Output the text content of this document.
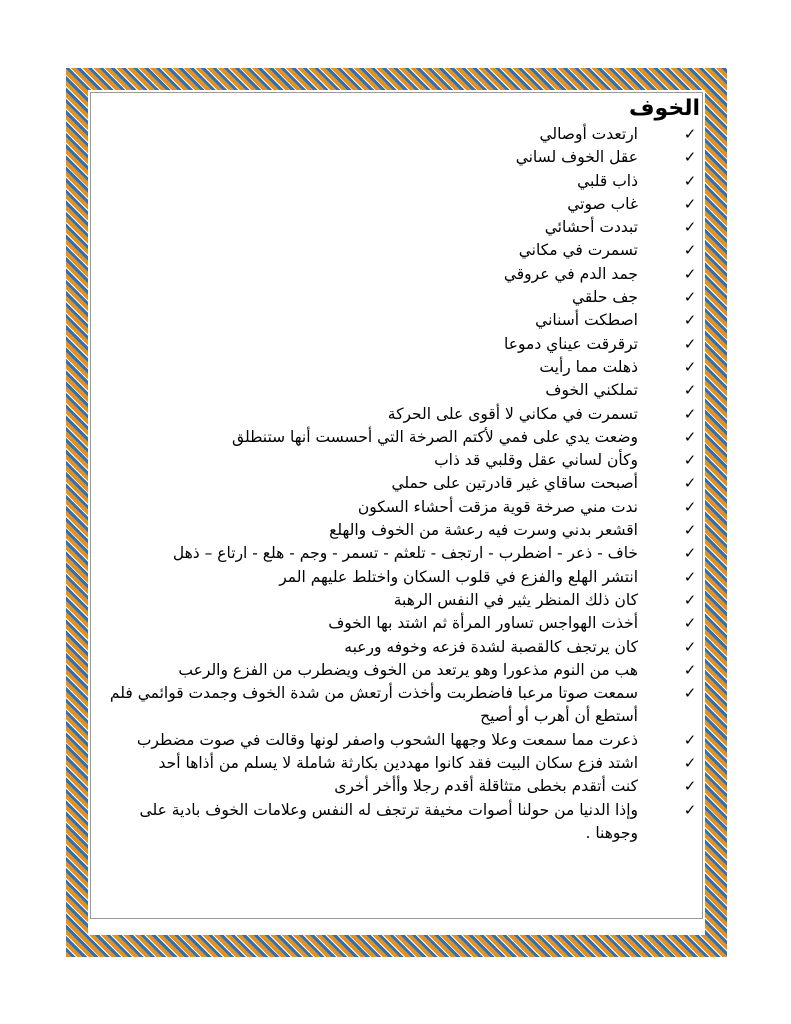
الخوف
✓
ارتعدت أوصالي
✓
عقل الخوف لساني
✓
ذاب قلبي
✓
غاب صوتي
✓
تبددت أحشائي
✓
تسمرت في مكاني
✓
جمد الدم في عروقي
✓
جف حلقي
✓
اصطكت أسناني
✓
ترقرقت عيناي دموعا
✓
ذهلت مما رأيت
✓
تملكني الخوف
✓
تسمرت في مكاني لا أقوى على الحركة
✓
وضعت يدي على فمي لأكتم الصرخة التي أحسست أنها ستنطلق
✓
وكأن لساني عقل وقلبي قد ذاب
✓
أصبحت ساقاي غير قادرتين على حملي
✓
ندت مني صرخة قوية مزقت أحشاء السكون
✓
اقشعر بدني وسرت فيه رعشة من الخوف والهلع
✓
خاف - ذعر - اضطرب - ارتجف - تلعثم - تسمر - وجم - هلع - ارتاع – ذهل
✓
انتشر الهلع والفزع في قلوب السكان واختلط عليهم المر
✓
كان ذلك المنظر يثير في النفس الرهبة
✓
أخذت الهواجس تساور المرأة ثم اشتد بها الخوف
✓
كان يرتجف كالقصبة لشدة فزعه وخوفه ورعبه
✓
هب من النوم مذعورا وهو يرتعد من الخوف ويضطرب من الفزع والرعب
✓
سمعت صوتا مرعبا فاضطربت وأخذت أرتعش من شدة الخوف وجمدت قوائمي فلم أستطع أن أهرب أو أصيح
✓
ذعرت مما سمعت وعلا وجهها الشحوب واصفر لونها وقالت في صوت مضطرب
✓
اشتد فزع سكان البيت فقد كانوا مهددين بكارثة شاملة لا يسلم من أذاها أحد
✓
كنت أتقدم بخطى متثاقلة أقدم رجلا وأأخر أخرى
✓
وإذا الدنيا من حولنا أصوات مخيفة ترتجف له النفس وعلامات الخوف بادية على وجوهنا .
